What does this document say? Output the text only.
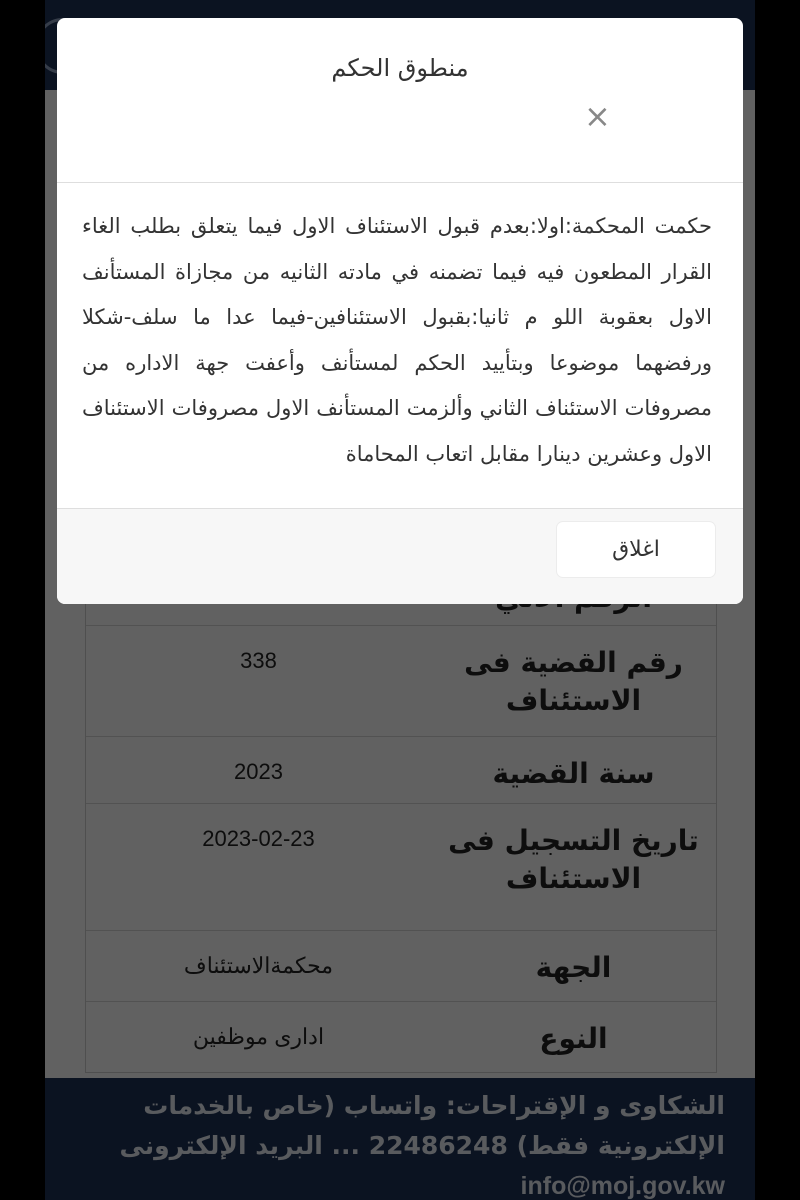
منطوق الحكم
×
حكمت المحكمة:اولا:بعدم قبول الاستئناف الاول فيما يتعلق بطلب الغاء القرار المطعون فيه فيما تضمنه في مادته الثانيه من مجازاة المستأنف الاول بعقوبة اللو م ثانيا:بقبول الاستئنافين-فيما عدا ما سلف-شكلا ورفضهما موضوعا وبتأييد الحكم لمستأنف وأعفت جهة الاداره من مصروفات الاستئناف الثاني وألزمت المستأنف الاول مصروفات الاستئناف الاول وعشرين دينارا مقابل اتعاب المحاماة
اغلاق
